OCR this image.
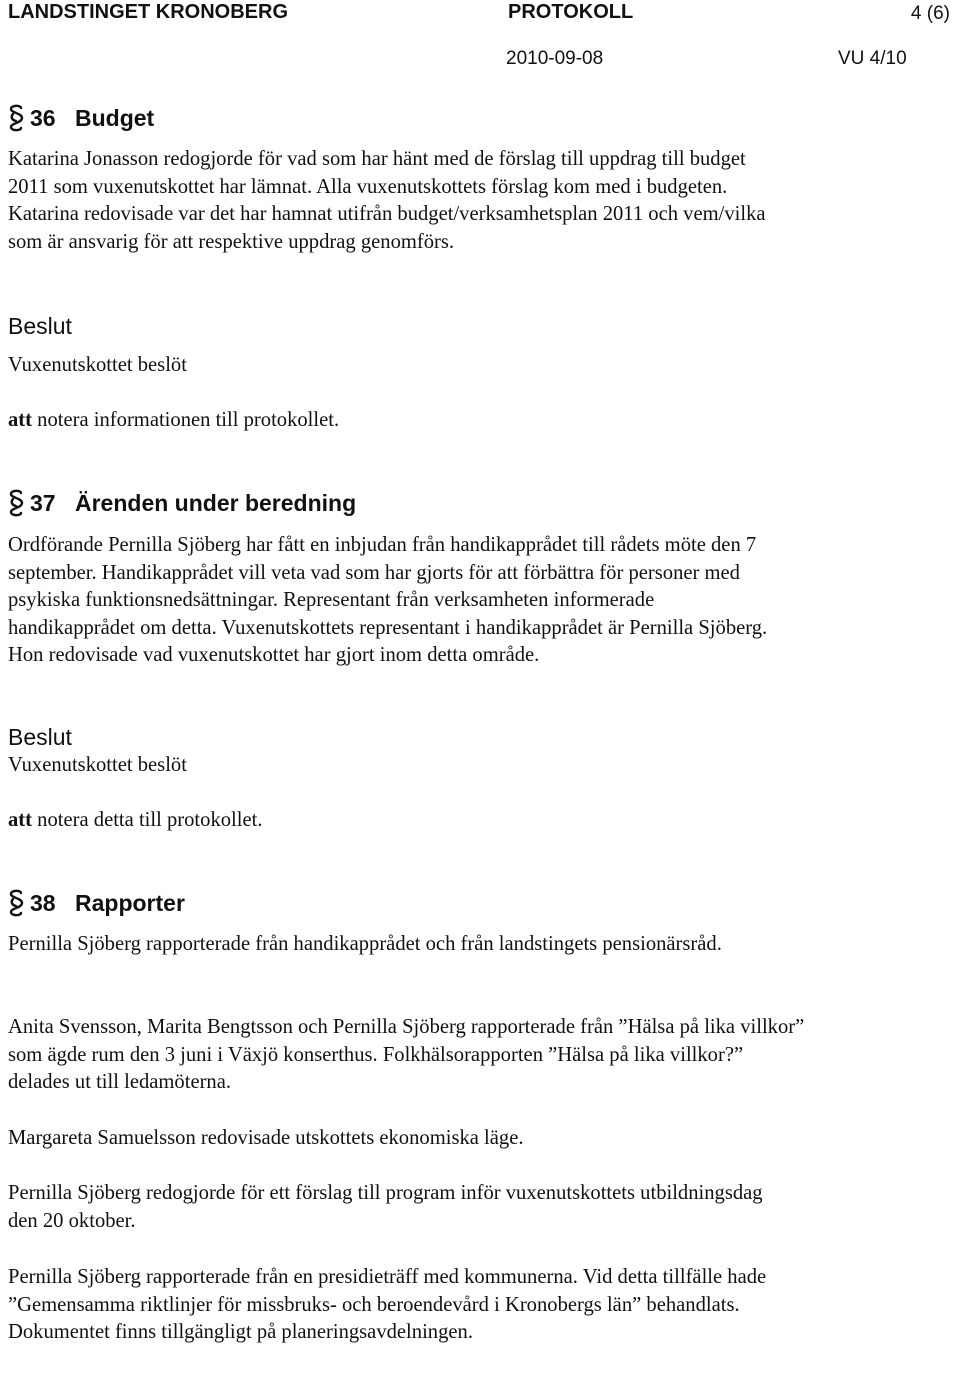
LANDSTINGET KRONOBERG	PROTOKOLL	4 (6)
2010-09-08	VU 4/10
36 Budget
Katarina Jonasson redogjorde för vad som har hänt med de förslag till uppdrag till budget 2011 som vuxenutskottet har lämnat. Alla vuxenutskottets förslag kom med i budgeten. Katarina redovisade var det har hamnat utifrån budget/verksamhetsplan 2011 och vem/vilka som är ansvarig för att respektive uppdrag genomförs.
Beslut
Vuxenutskottet beslöt
att notera informationen till protokollet.
37 Ärenden under beredning
Ordförande Pernilla Sjöberg har fått en inbjudan från handikapprådet till rådets möte den 7 september. Handikapprådet vill veta vad som har gjorts för att förbättra för personer med psykiska funktionsnedsättningar. Representant från verksamheten informerade handikapprådet om detta. Vuxenutskottets representant i handikapprådet är Pernilla Sjöberg. Hon redovisade vad vuxenutskottet har gjort inom detta område.
Beslut
Vuxenutskottet beslöt
att notera detta till protokollet.
38 Rapporter
Pernilla Sjöberg rapporterade från handikapprådet och från landstingets pensionärsråd.
Anita Svensson, Marita Bengtsson och Pernilla Sjöberg rapporterade från ”Hälsa på lika villkor” som ägde rum den 3 juni i Växjö konserthus. Folkhälsorapporten ”Hälsa på lika villkor?” delades ut till ledamöterna.
Margareta Samuelsson redovisade utskottets ekonomiska läge.
Pernilla Sjöberg redogjorde för ett förslag till program inför vuxenutskottets utbildningsdag den 20 oktober.
Pernilla Sjöberg rapporterade från en presidieträff med kommunerna. Vid detta tillfälle hade ”Gemensamma riktlinjer för missbruks- och beroendevård i Kronobergs län” behandlats. Dokumentet finns tillgängligt på planeringsavdelningen.
